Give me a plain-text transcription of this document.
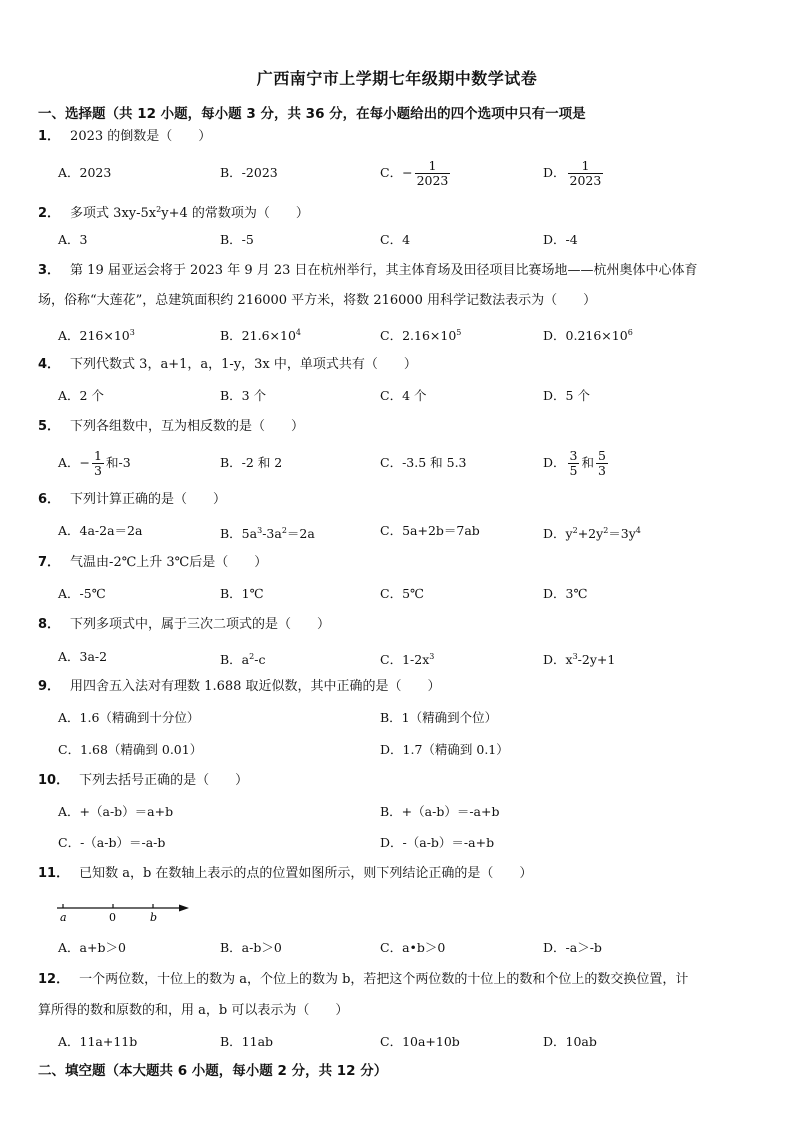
广西南宁市上学期七年级期中数学试卷
一、选择题（共 12 小题，每小题 3 分，共 36 分，在每小题给出的四个选项中只有一项是
1． 2023 的倒数是（　　）
A．2023	B．-2023	C．− $\frac{1}{2023}$	D． $\frac{1}{2023}$
2． 多项式 $3xy-5x^2y+4$ 的常数项为（　　）
A．3	B．-5	C．4	D．-4
3． 第 19 届亚运会将于 2023 年 9 月 23 日在杭州举行，其主体育场及田径项目比赛场地——杭州奥体中心体育
场，俗称“大莲花”，总建筑面积约 216000 平方米，将数 216000 用科学记数法表示为（　　）
A．$216\times 10^3$	B．$21.6\times 10^4$	C．$2.16\times 10^5$	D．$0.216\times 10^6$
4． 下列代数式 3，a+1，a，1-y，3x 中，单项式共有（　　）
A．2 个	B．3 个	C．4 个	D．5 个
5． 下列各组数中，互为相反数的是（　　）
A．− $\frac{1}{3}$ 和-3	B．-2 和 2	C．-3.5 和 5.3	D． $\frac{3}{5}$ 和 $\frac{5}{3}$
6． 下列计算正确的是（　　）
A．4a-2a＝2a	B．$5a^3-3a^2=2a$	C．5a+2b＝7ab	D．$y^2+2y^2=3y^4$
7． 气温由-2℃上升 3℃后是（　　）
A．-5℃	B．1℃	C．5℃	D．3℃
8． 下列多项式中，属于三次二项式的是（　　）
A．3a-2	B．$a^2-c$	C．$1-2x^3$	D．$x^3-2y+1$
9． 用四舍五入法对有理数 1.688 取近似数，其中正确的是（　　）
A．1.6（精确到十分位）	B．1（精确到个位）
C．1.68（精确到 0.01）	D．1.7（精确到 0.1）
10． 下列去括号正确的是（　　）
A．+（a-b）＝a+b	B．+（a-b）＝-a+b
C．-（a-b）＝-a-b	D．-（a-b）＝-a+b
11． 已知数 a，b 在数轴上表示的点的位置如图所示，则下列结论正确的是（　　）
a	0	b
A．a+b＞0	B．a-b＞0	C．a•b＞0	D．-a＞-b
12． 一个两位数，十位上的数为 a，个位上的数为 b，若把这个两位数的十位上的数和个位上的数交换位置，计
算所得的数和原数的和，用 a，b 可以表示为（　　）
A．11a+11b	B．11ab	C．10a+10b	D．10ab
二、填空题（本大题共 6 小题，每小题 2 分，共 12 分）
